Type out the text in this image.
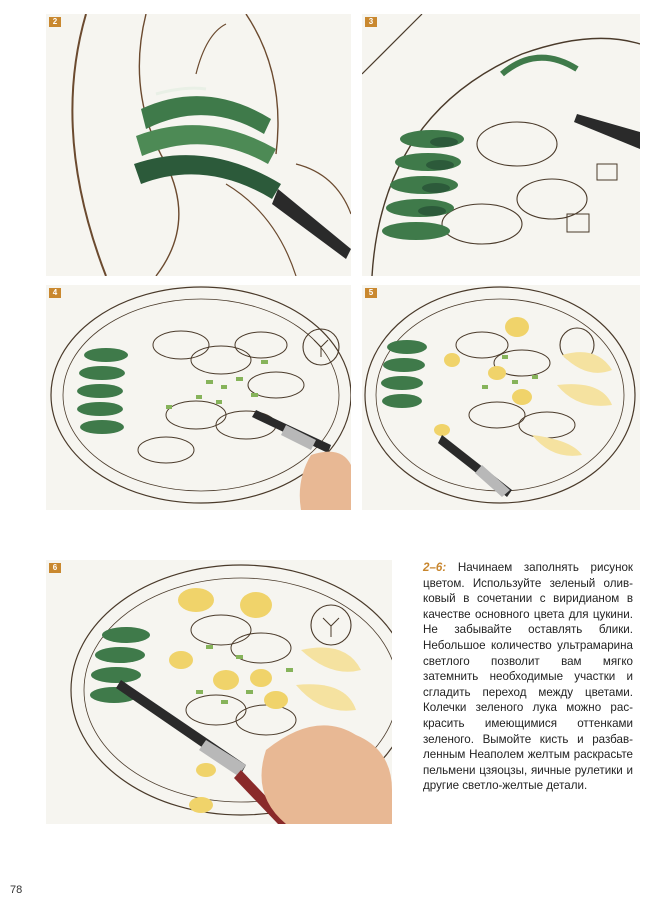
2	3
4	5
6	2–6: Начинаем заполнять рисунок цветом. Используйте зеленый оливковый в сочетании с виридианом в качестве основного цвета для цукини. Не забывайте оставлять блики. Небольшое количество ультрамарина светлого позволит вам мягко затемнить необходимые участки и сгладить переход между цветами. Колечки зеленого лука можно раскрасить имеющимися оттенками зеленого. Вымойте кисть и разбавленным Неаполем желтым раскрасьте пельмени цзяоцзы, яичные рулетики и другие светло-желтые детали.
78
